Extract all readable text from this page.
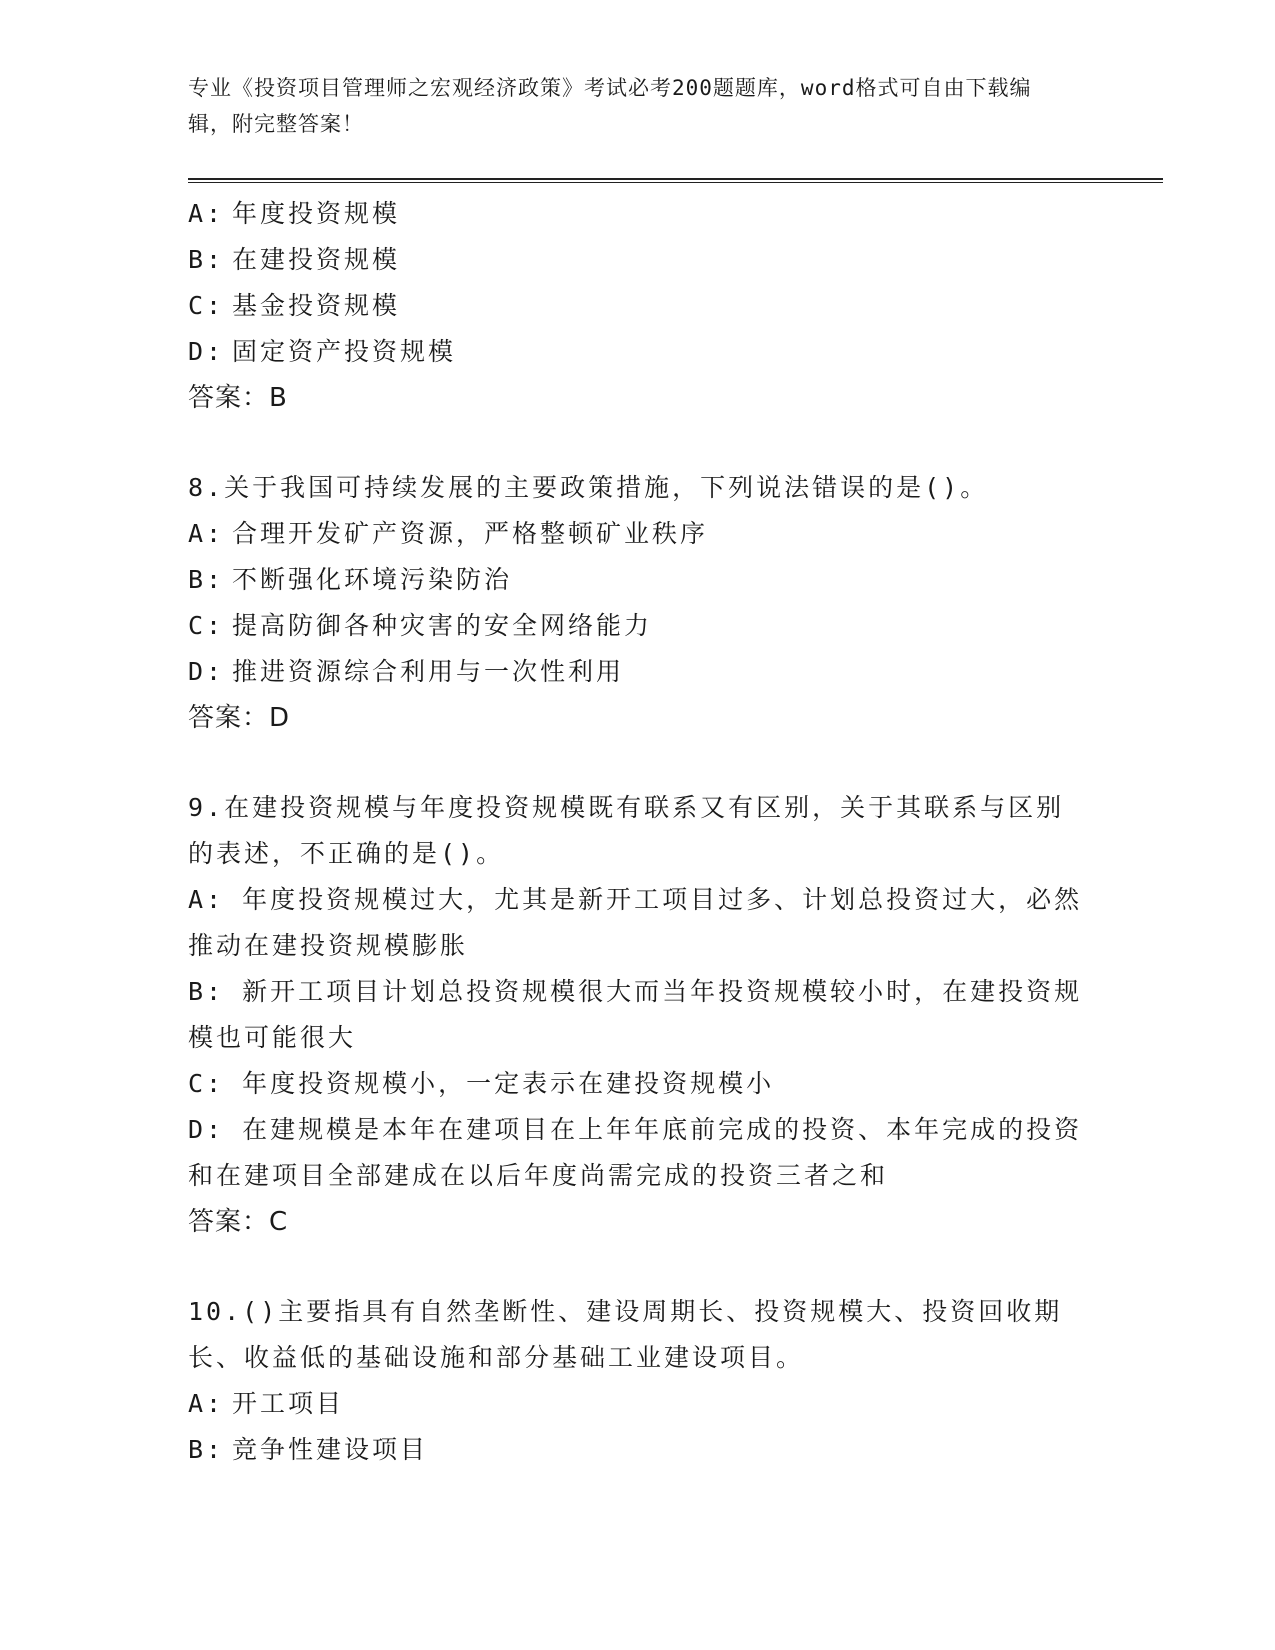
专业《投资项目管理师之宏观经济政策》考试必考200题题库，word格式可自由下载编辑，附完整答案！
A: 年度投资规模
B: 在建投资规模
C: 基金投资规模
D: 固定资产投资规模
答案：B
8.关于我国可持续发展的主要政策措施，下列说法错误的是()。
A: 合理开发矿产资源，严格整顿矿业秩序
B: 不断强化环境污染防治
C: 提高防御各种灾害的安全网络能力
D: 推进资源综合利用与一次性利用
答案：D
9.在建投资规模与年度投资规模既有联系又有区别，关于其联系与区别的表述，不正确的是()。
A: 年度投资规模过大，尤其是新开工项目过多、计划总投资过大，必然推动在建投资规模膨胀
B: 新开工项目计划总投资规模很大而当年投资规模较小时，在建投资规模也可能很大
C: 年度投资规模小，一定表示在建投资规模小
D: 在建规模是本年在建项目在上年年底前完成的投资、本年完成的投资和在建项目全部建成在以后年度尚需完成的投资三者之和
答案：C
10.()主要指具有自然垄断性、建设周期长、投资规模大、投资回收期长、收益低的基础设施和部分基础工业建设项目。
A: 开工项目
B: 竞争性建设项目
